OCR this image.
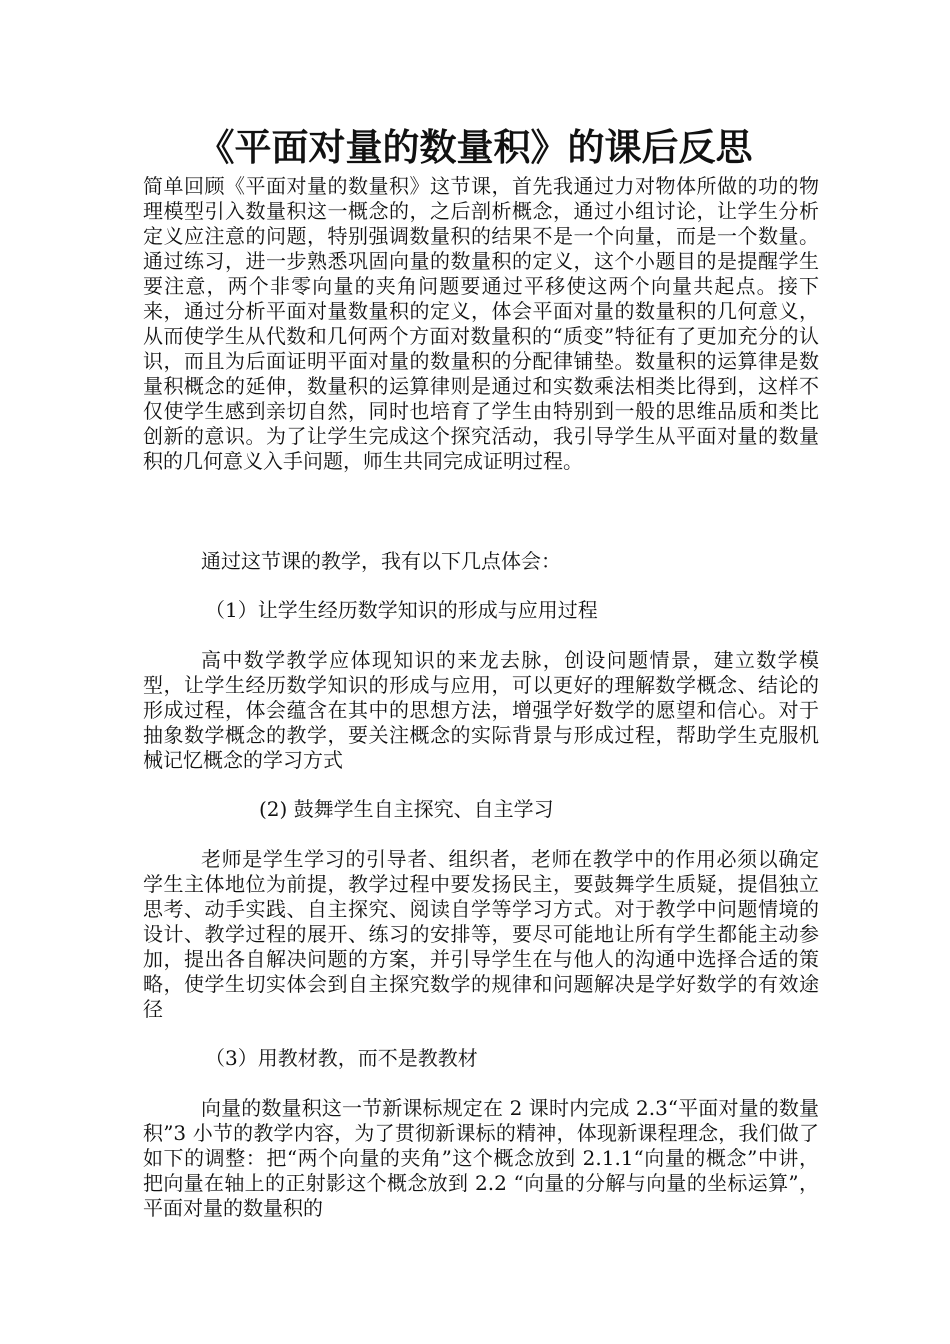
《平面对量的数量积》的课后反思

简单回顾《平面对量的数量积》这节课，首先我通过力对物体所做的功的物理模型引入数量积这一概念的，之后剖析概念，通过小组讨论，让学生分析定义应注意的问题，特别强调数量积的结果不是一个向量，而是一个数量。通过练习，进一步熟悉巩固向量的数量积的定义，这个小题目的是提醒学生要注意，两个非零向量的夹角问题要通过平移使这两个向量共起点。接下来，通过分析平面对量数量积的定义，体会平面对量的数量积的几何意义，从而使学生从代数和几何两个方面对数量积的“质变”特征有了更加充分的认识，而且为后面证明平面对量的数量积的分配律铺垫。数量积的运算律是数量积概念的延伸，数量积的运算律则是通过和实数乘法相类比得到，这样不仅使学生感到亲切自然，同时也培育了学生由特别到一般的思维品质和类比创新的意识。为了让学生完成这个探究活动，我引导学生从平面对量的数量积的几何意义入手问题，师生共同完成证明过程。

通过这节课的教学，我有以下几点体会：

（1）让学生经历数学知识的形成与应用过程

高中数学教学应体现知识的来龙去脉，创设问题情景，建立数学模型，让学生经历数学知识的形成与应用，可以更好的理解数学概念、结论的形成过程，体会蕴含在其中的思想方法，增强学好数学的愿望和信心。对于抽象数学概念的教学，要关注概念的实际背景与形成过程，帮助学生克服机械记忆概念的学习方式

(2) 鼓舞学生自主探究、自主学习

老师是学生学习的引导者、组织者，老师在教学中的作用必须以确定学生主体地位为前提，教学过程中要发扬民主，要鼓舞学生质疑，提倡独立思考、动手实践、自主探究、阅读自学等学习方式。对于教学中问题情境的设计、教学过程的展开、练习的安排等，要尽可能地让所有学生都能主动参加，提出各自解决问题的方案，并引导学生在与他人的沟通中选择合适的策略，使学生切实体会到自主探究数学的规律和问题解决是学好数学的有效途径

（3）用教材教，而不是教教材

向量的数量积这一节新课标规定在 2 课时内完成 2.3“平面对量的数量积”3 小节的教学内容，为了贯彻新课标的精神，体现新课程理念，我们做了如下的调整：把“两个向量的夹角”这个概念放到 2.1.1“向量的概念”中讲，把向量在轴上的正射影这个概念放到 2.2 “向量的分解与向量的坐标运算”，平面对量的数量积的
